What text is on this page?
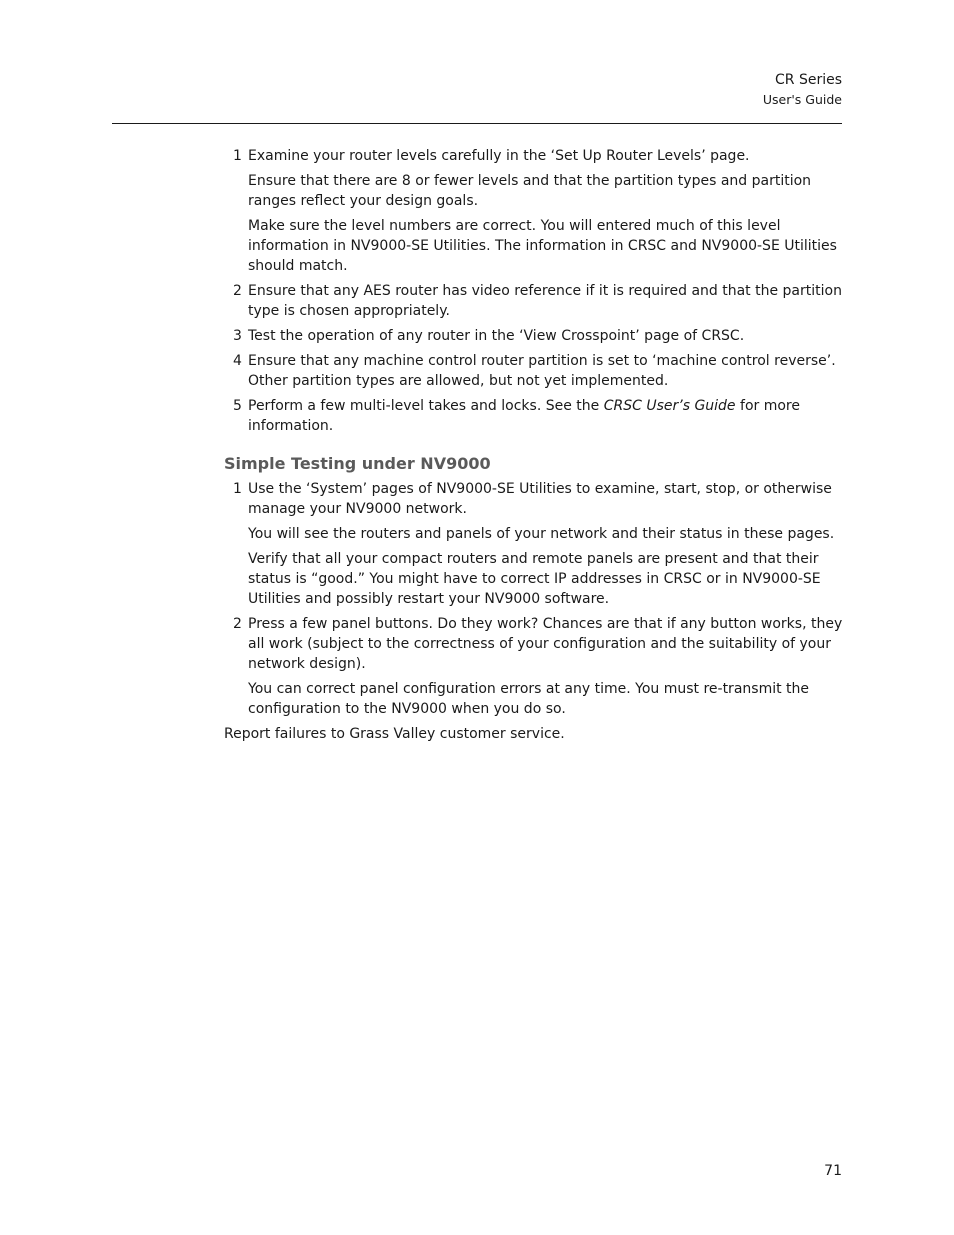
CR Series
User's Guide
1 Examine your router levels carefully in the ‘Set Up Router Levels’ page.

Ensure that there are 8 or fewer levels and that the partition types and partition ranges reflect your design goals.

Make sure the level numbers are correct. You will entered much of this level information in NV9000-SE Utilities. The information in CRSC and NV9000-SE Utilities should match.

2 Ensure that any AES router has video reference if it is required and that the partition type is chosen appropriately.

3 Test the operation of any router in the ‘View Crosspoint’ page of CRSC.

4 Ensure that any machine control router partition is set to ‘machine control reverse’. Other partition types are allowed, but not yet implemented.

5 Perform a few multi-level takes and locks. See the CRSC User’s Guide for more information.

Simple Testing under NV9000
1 Use the ‘System’ pages of NV9000-SE Utilities to examine, start, stop, or otherwise manage your NV9000 network.

You will see the routers and panels of your network and their status in these pages.

Verify that all your compact routers and remote panels are present and that their status is “good.” You might have to correct IP addresses in CRSC or in NV9000-SE Utilities and possibly restart your NV9000 software.

2 Press a few panel buttons. Do they work? Chances are that if any button works, they all work (subject to the correctness of your configuration and the suitability of your network design).

You can correct panel configuration errors at any time. You must re-transmit the configuration to the NV9000 when you do so.

Report failures to Grass Valley customer service.

71
